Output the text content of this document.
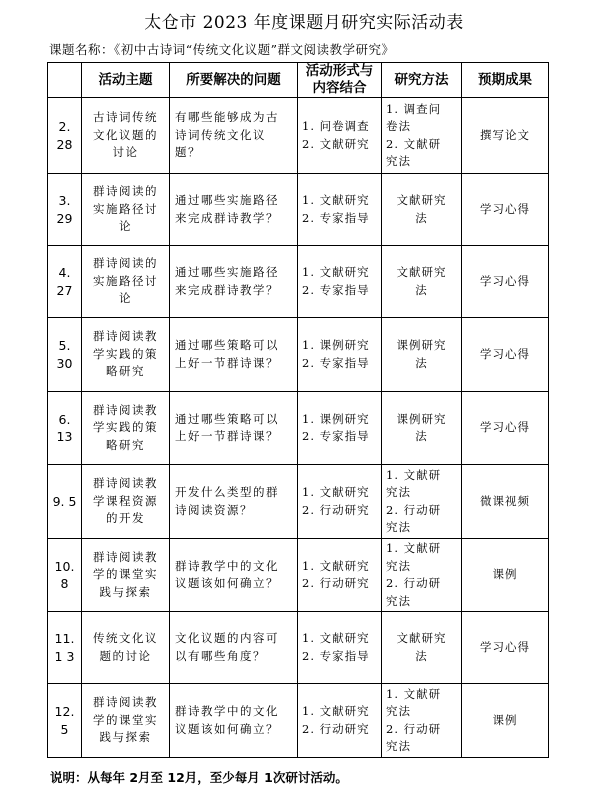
太仓市 2023 年度课题月研究实际活动表
课题名称：《初中古诗词“传统文化议题”群文阅读教学研究》
	活动主题	所要解决的问题	活动形式与
内容结合	研究方法	预期成果
2. 28	古诗词传统
文化议题的
讨论	有哪些能够成为古
诗词传统文化议
题？	1. 问卷调查
2. 文献研究	1. 调查问
卷法
2. 文献研
究法	撰写论文
3. 29	群诗阅读的
实施路径讨
论	通过哪些实施路径
来完成群诗教学？	1. 文献研究
2. 专家指导	文献研究
法	学习心得
4. 27	群诗阅读的
实施路径讨
论	通过哪些实施路径
来完成群诗教学？	1. 文献研究
2. 专家指导	文献研究
法	学习心得
5. 30	群诗阅读教
学实践的策
略研究	通过哪些策略可以
上好一节群诗课？	1. 课例研究
2. 专家指导	课例研究
法	学习心得
6. 13	群诗阅读教
学实践的策
略研究	通过哪些策略可以
上好一节群诗课？	1. 课例研究
2. 专家指导	课例研究
法	学习心得
9. 5	群诗阅读教
学课程资源
的开发	开发什么类型的群
诗阅读资源？	1. 文献研究
2. 行动研究	1. 文献研
究法
2. 行动研
究法	微课视频
10. 8	群诗阅读教
学的课堂实
践与探索	群诗教学中的文化
议题该如何确立？	1. 文献研究
2. 行动研究	1. 文献研
究法
2. 行动研
究法	课例
11. 1 3	传统文化议
题的讨论	文化议题的内容可
以有哪些角度？	1. 文献研究
2. 专家指导	文献研究
法	学习心得
12. 5	群诗阅读教
学的课堂实
践与探索	群诗教学中的文化
议题该如何确立？	1. 文献研究
2. 行动研究	1. 文献研
究法
2. 行动研
究法	课例
说明：从每年 2月至 12月，至少每月 1次研讨活动。
